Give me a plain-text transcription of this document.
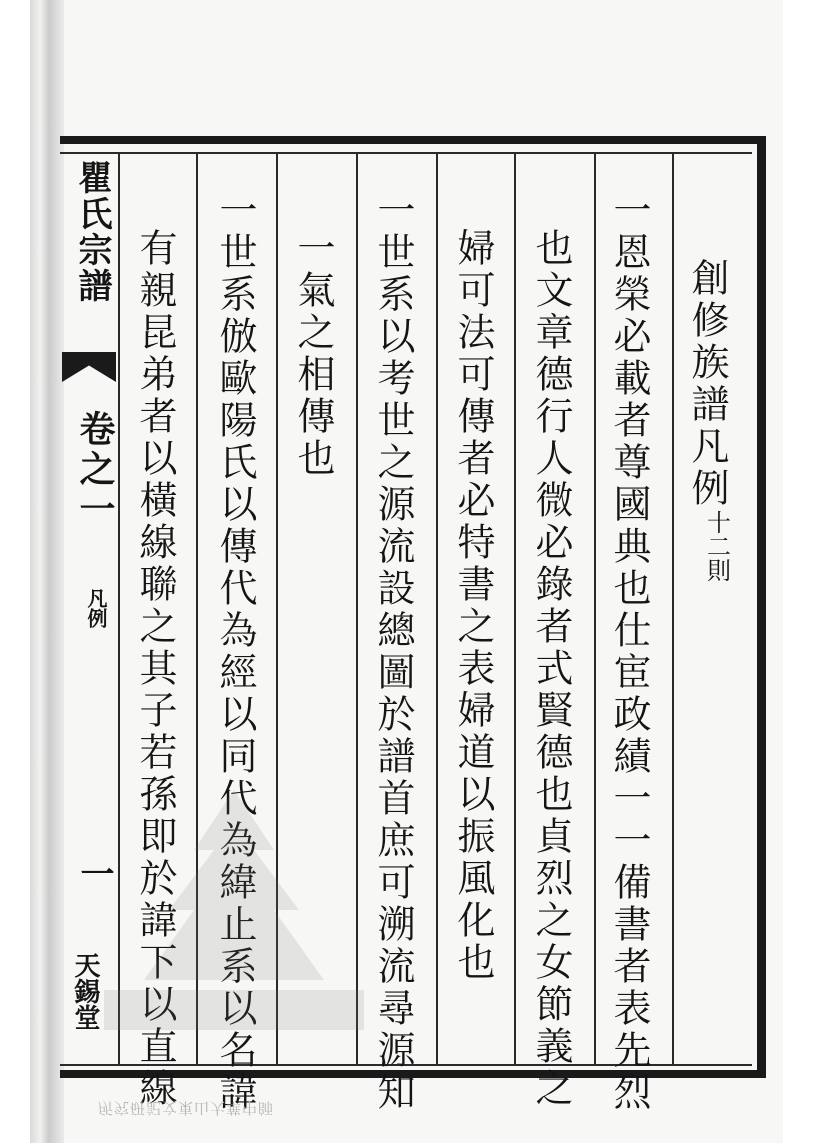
瞿氏宗譜
卷之一
凡例
一
天錫堂
創修族譜凡例十二則
一恩榮必載者尊國典也仕宦政績一一備書者表先烈
也文章德行人微必錄者式賢德也貞烈之女節義之
婦可法可傳者必特書之表婦道以振風化也
一世系以考世之源流設總圖於譜首庶可溯流尋源知
一氣之相傳也
一世系倣歐陽氏以傳代為經以同代為緯止系以名諱
有親昆弟者以橫線聯之其子若孫即於諱下以直線
所究研記文東山大華中師
